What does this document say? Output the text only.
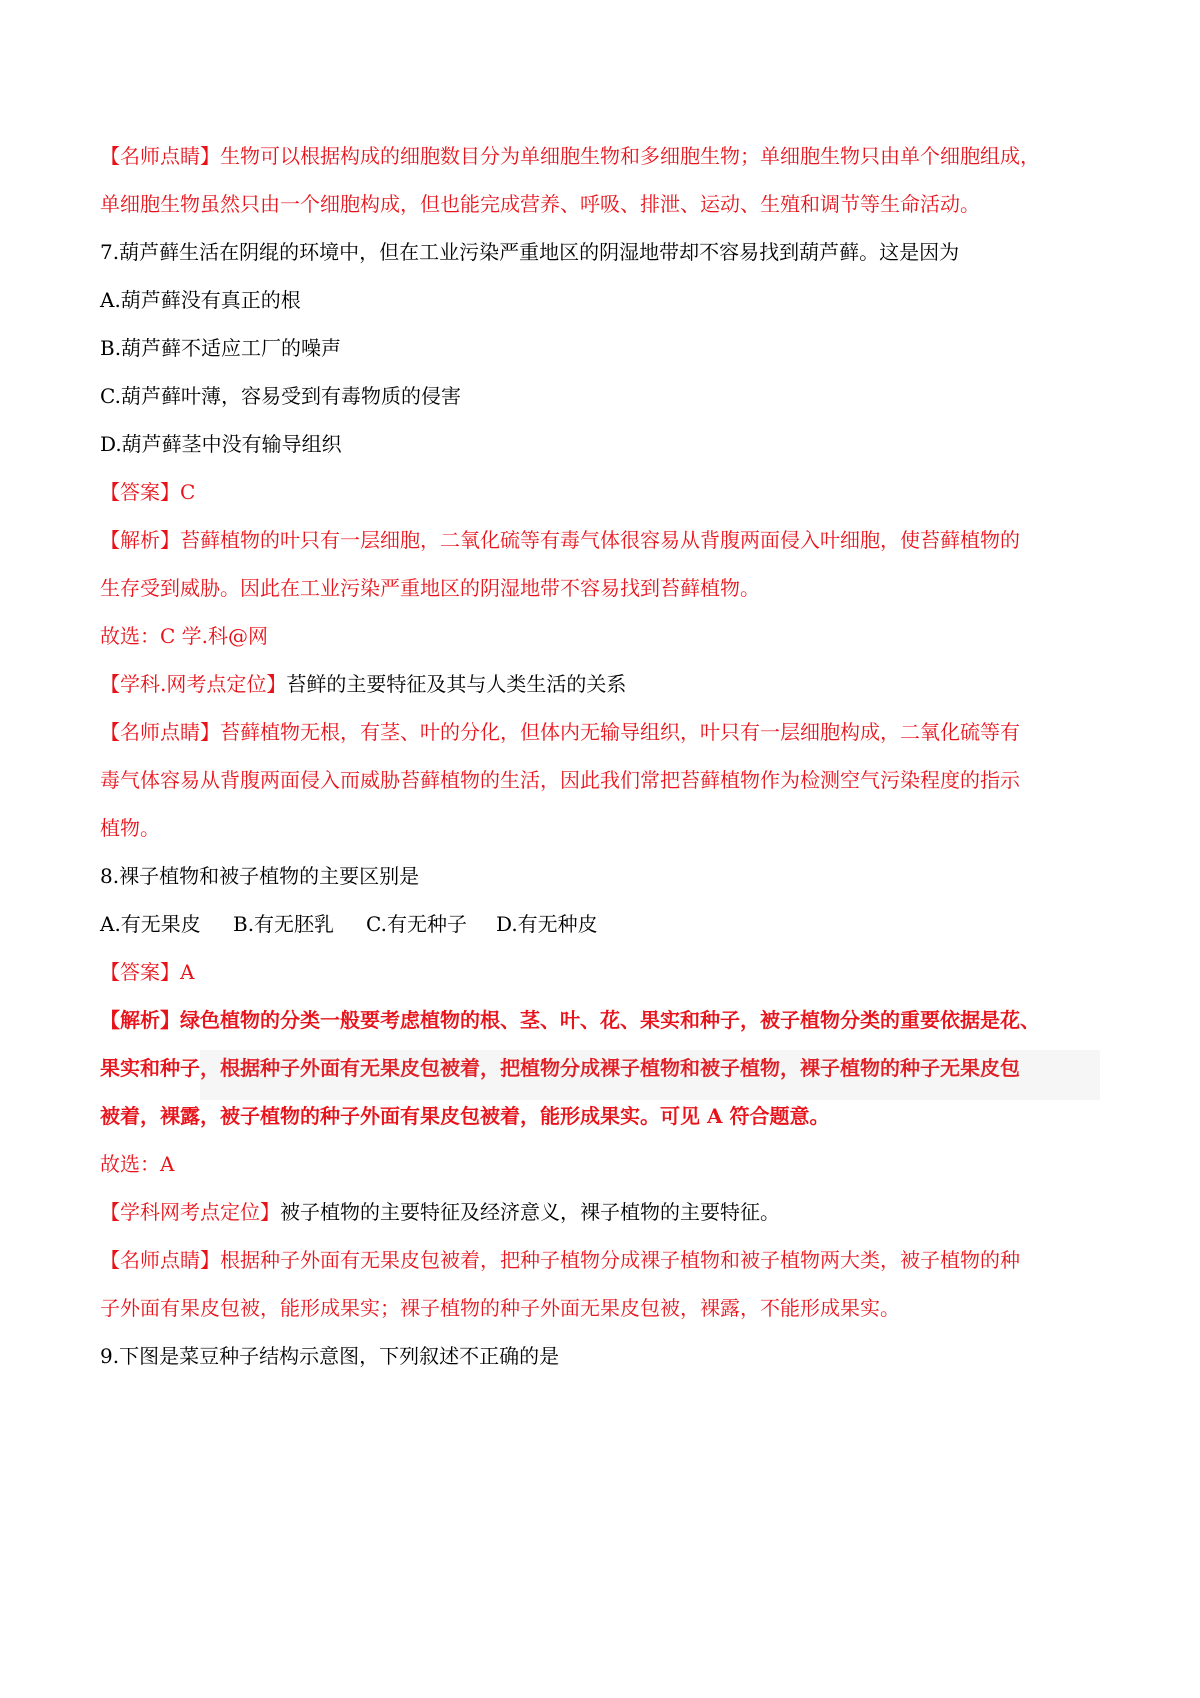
【名师点睛】生物可以根据构成的细胞数目分为单细胞生物和多细胞生物；单细胞生物只由单个细胞组成，
单细胞生物虽然只由一个细胞构成，但也能完成营养、呼吸、排泄、运动、生殖和调节等生命活动。
7.葫芦藓生活在阴绲的环境中，但在工业污染严重地区的阴湿地带却不容易找到葫芦藓。这是因为
A.葫芦藓没有真正的根
B.葫芦藓不适应工厂的噪声
C.葫芦藓叶薄，容易受到有毒物质的侵害
D.葫芦藓茎中没有输导组织
【答案】C
【解析】苔藓植物的叶只有一层细胞，二氧化硫等有毒气体很容易从背腹两面侵入叶细胞，使苔藓植物的
生存受到威胁。因此在工业污染严重地区的阴湿地带不容易找到苔藓植物。
故选：C 学.科@网
【学科.网考点定位】苔鲜的主要特征及其与人类生活的关系
【名师点睛】苔藓植物无根，有茎、叶的分化，但体内无输导组织，叶只有一层细胞构成，二氧化硫等有
毒气体容易从背腹两面侵入而威胁苔藓植物的生活，因此我们常把苔藓植物作为检测空气污染程度的指示
植物。
8.裸子植物和被子植物的主要区别是
A.有无果皮 B.有无胚乳 C.有无种子 D.有无种皮
【答案】A
【解析】绿色植物的分类一般要考虑植物的根、茎、叶、花、果实和种子，被子植物分类的重要依据是花、
果实和种子，根据种子外面有无果皮包被着，把植物分成裸子植物和被子植物，裸子植物的种子无果皮包
被着，裸露，被子植物的种子外面有果皮包被着，能形成果实。可见 A 符合题意。
故选：A
【学科网考点定位】被子植物的主要特征及经济意义，裸子植物的主要特征。
【名师点睛】根据种子外面有无果皮包被着，把种子植物分成裸子植物和被子植物两大类，被子植物的种
子外面有果皮包被，能形成果实；裸子植物的种子外面无果皮包被，裸露，不能形成果实。
9.下图是菜豆种子结构示意图，下列叙述不正确的是
